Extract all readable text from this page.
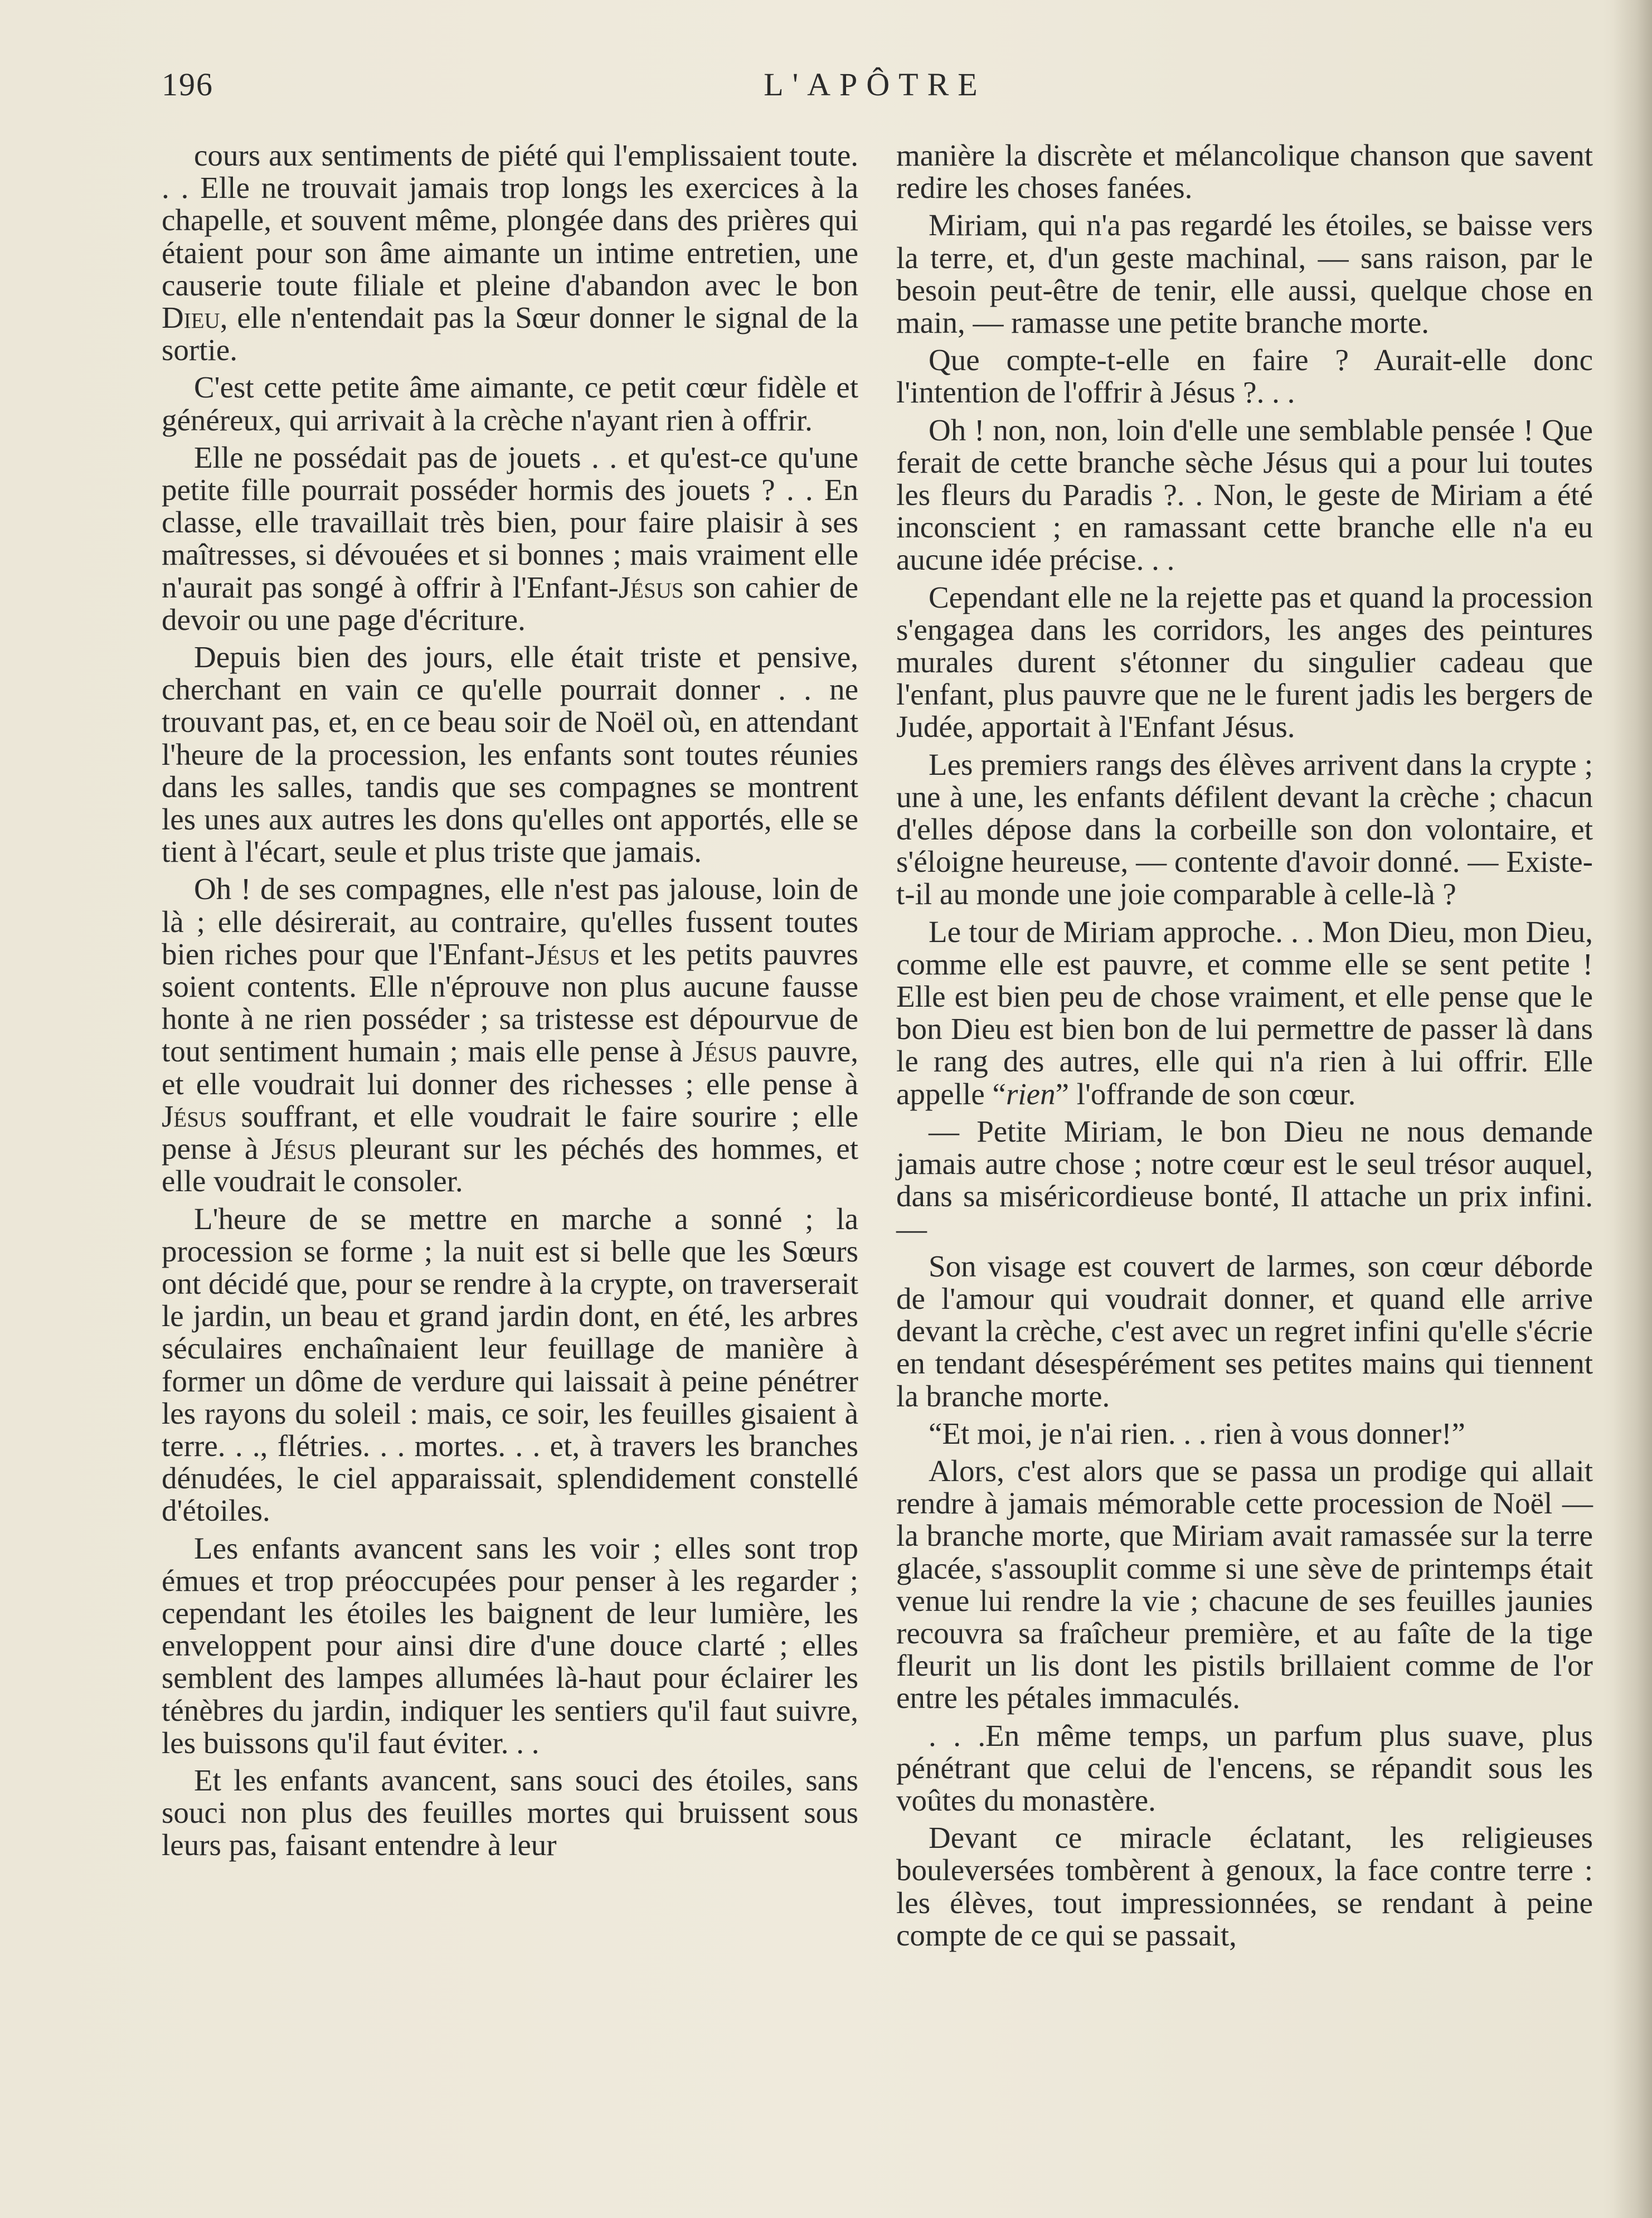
196	L'APÔTRE

cours aux sentiments de piété qui l'emplissaient toute. . . Elle ne trouvait jamais trop longs les exercices à la chapelle, et souvent même, plongée dans des prières qui étaient pour son âme aimante un intime entretien, une causerie toute filiale et pleine d'abandon avec le bon Dieu, elle n'entendait pas la Sœur donner le signal de la sortie.

C'est cette petite âme aimante, ce petit cœur fidèle et généreux, qui arrivait à la crèche n'ayant rien à offrir.

Elle ne possédait pas de jouets . . et qu'est-ce qu'une petite fille pourrait posséder hormis des jouets ? . . En classe, elle travaillait très bien, pour faire plaisir à ses maîtresses, si dévouées et si bonnes ; mais vraiment elle n'aurait pas songé à offrir à l'Enfant-Jésus son cahier de devoir ou une page d'écriture.

Depuis bien des jours, elle était triste et pensive, cherchant en vain ce qu'elle pourrait donner . . ne trouvant pas, et, en ce beau soir de Noël où, en attendant l'heure de la procession, les enfants sont toutes réunies dans les salles, tandis que ses compagnes se montrent les unes aux autres les dons qu'elles ont apportés, elle se tient à l'écart, seule et plus triste que jamais.

Oh ! de ses compagnes, elle n'est pas jalouse, loin de là ; elle désirerait, au contraire, qu'elles fussent toutes bien riches pour que l'Enfant-Jésus et les petits pauvres soient contents. Elle n'éprouve non plus aucune fausse honte à ne rien posséder ; sa tristesse est dépourvue de tout sentiment humain ; mais elle pense à Jésus pauvre, et elle voudrait lui donner des richesses ; elle pense à Jésus souffrant, et elle voudrait le faire sourire ; elle pense à Jésus pleurant sur les péchés des hommes, et elle voudrait le consoler.

L'heure de se mettre en marche a sonné ; la procession se forme ; la nuit est si belle que les Sœurs ont décidé que, pour se rendre à la crypte, on traverserait le jardin, un beau et grand jardin dont, en été, les arbres séculaires enchaînaient leur feuillage de manière à former un dôme de verdure qui laissait à peine pénétrer les rayons du soleil : mais, ce soir, les feuilles gisaient à terre. . ., flétries. . . mortes. . . et, à travers les branches dénudées, le ciel apparaissait, splendidement constellé d'étoiles.

Les enfants avancent sans les voir ; elles sont trop émues et trop préoccupées pour penser à les regarder ; cependant les étoiles les baignent de leur lumière, les enveloppent pour ainsi dire d'une douce clarté ; elles semblent des lampes allumées là-haut pour éclairer les ténèbres du jardin, indiquer les sentiers qu'il faut suivre, les buissons qu'il faut éviter. . .

Et les enfants avancent, sans souci des étoiles, sans souci non plus des feuilles mortes qui bruissent sous leurs pas, faisant entendre à leur

manière la discrète et mélancolique chanson que savent redire les choses fanées.

Miriam, qui n'a pas regardé les étoiles, se baisse vers la terre, et, d'un geste machinal, — sans raison, par le besoin peut-être de tenir, elle aussi, quelque chose en main, — ramasse une petite branche morte.

Que compte-t-elle en faire ? Aurait-elle donc l'intention de l'offrir à Jésus ?. . .

Oh ! non, non, loin d'elle une semblable pensée ! Que ferait de cette branche sèche Jésus qui a pour lui toutes les fleurs du Paradis ?. . Non, le geste de Miriam a été inconscient ; en ramassant cette branche elle n'a eu aucune idée précise. . .

Cependant elle ne la rejette pas et quand la procession s'engagea dans les corridors, les anges des peintures murales durent s'étonner du singulier cadeau que l'enfant, plus pauvre que ne le furent jadis les bergers de Judée, apportait à l'Enfant Jésus.

Les premiers rangs des élèves arrivent dans la crypte ; une à une, les enfants défilent devant la crèche ; chacun d'elles dépose dans la corbeille son don volontaire, et s'éloigne heureuse, — contente d'avoir donné. — Existe-t-il au monde une joie comparable à celle-là ?

Le tour de Miriam approche. . . Mon Dieu, mon Dieu, comme elle est pauvre, et comme elle se sent petite ! Elle est bien peu de chose vraiment, et elle pense que le bon Dieu est bien bon de lui permettre de passer là dans le rang des autres, elle qui n'a rien à lui offrir. Elle appelle “rien” l'offrande de son cœur.

— Petite Miriam, le bon Dieu ne nous demande jamais autre chose ; notre cœur est le seul trésor auquel, dans sa miséricordieuse bonté, Il attache un prix infini. —

Son visage est couvert de larmes, son cœur déborde de l'amour qui voudrait donner, et quand elle arrive devant la crèche, c'est avec un regret infini qu'elle s'écrie en tendant désespérément ses petites mains qui tiennent la branche morte.

“Et moi, je n'ai rien. . . rien à vous donner!”

Alors, c'est alors que se passa un prodige qui allait rendre à jamais mémorable cette procession de Noël — la branche morte, que Miriam avait ramassée sur la terre glacée, s'assouplit comme si une sève de printemps était venue lui rendre la vie ; chacune de ses feuilles jaunies recouvra sa fraîcheur première, et au faîte de la tige fleurit un lis dont les pistils brillaient comme de l'or entre les pétales immaculés.

. . .En même temps, un parfum plus suave, plus pénétrant que celui de l'encens, se répandit sous les voûtes du monastère.

Devant ce miracle éclatant, les religieuses bouleversées tombèrent à genoux, la face contre terre : les élèves, tout impressionnées, se rendant à peine compte de ce qui se passait,
